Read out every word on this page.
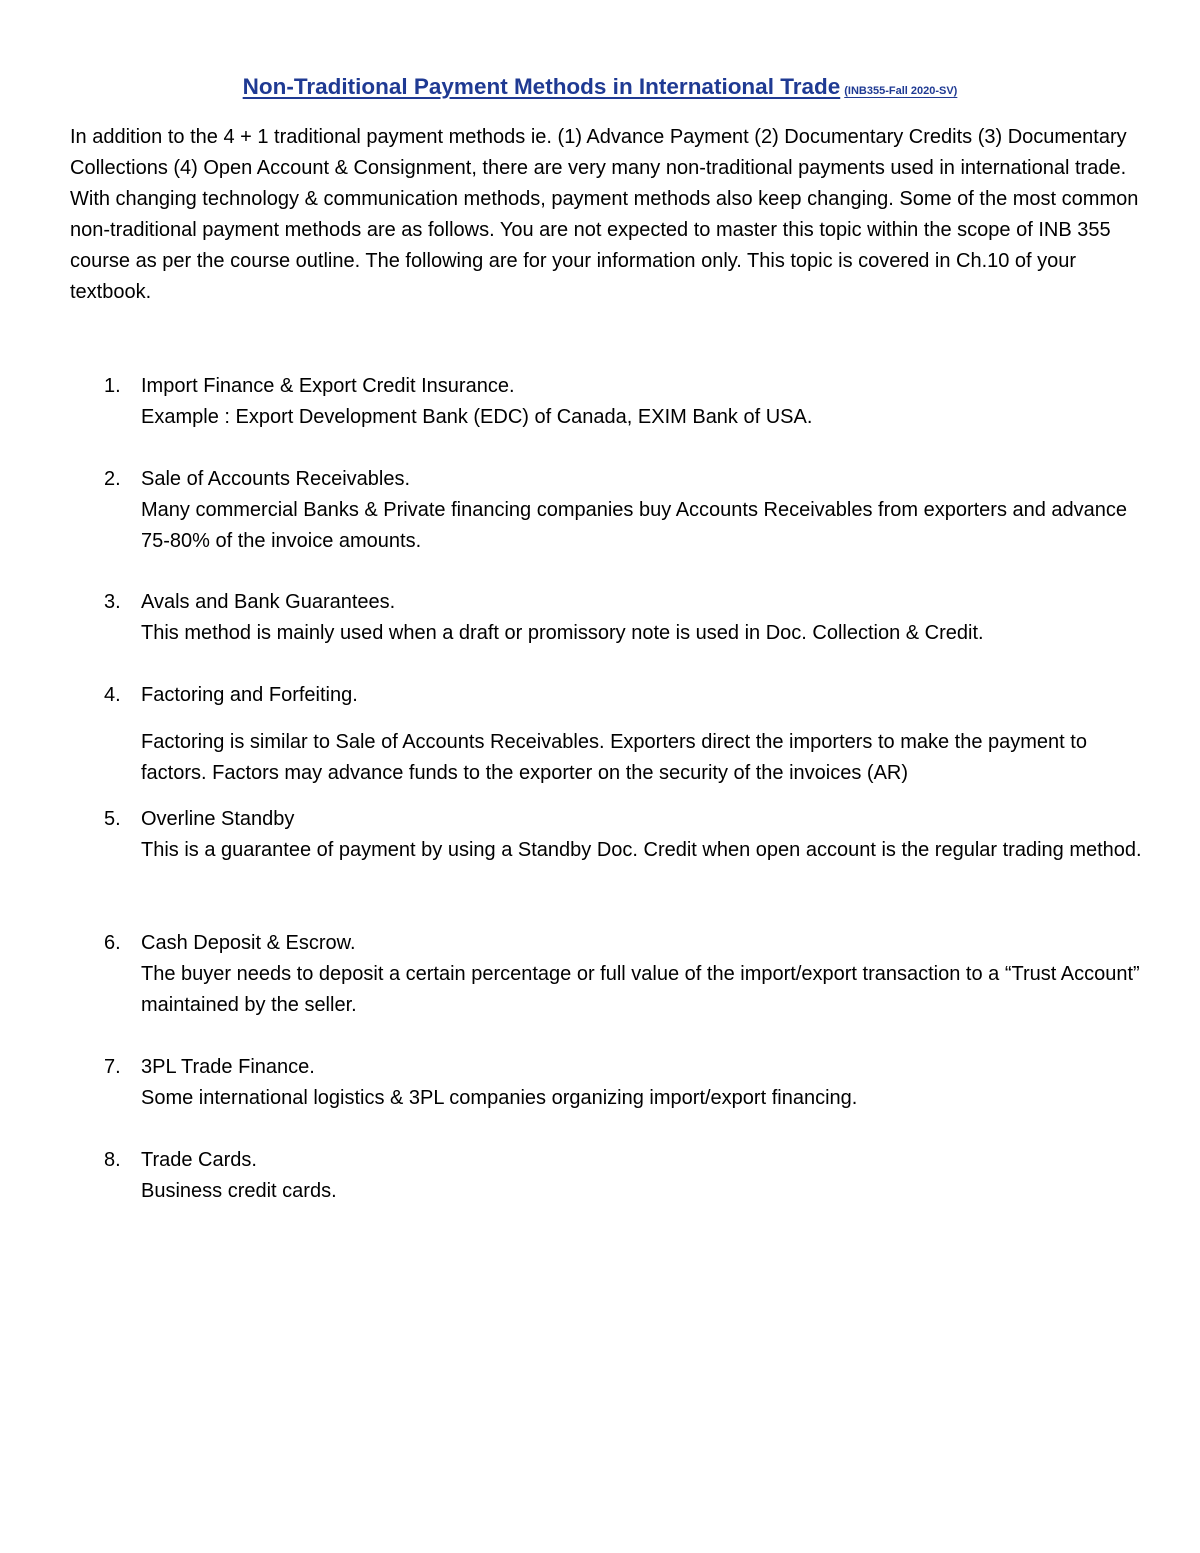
Non-Traditional Payment Methods in International Trade (INB355-Fall 2020-SV)

In addition to the 4 + 1 traditional payment methods ie. (1) Advance Payment (2) Documentary Credits (3) Documentary Collections (4) Open Account & Consignment, there are very many non-traditional payments used in international trade. With changing technology & communication methods, payment methods also keep changing. Some of the most common non-traditional payment methods are as follows. You are not expected to master this topic within the scope of INB 355 course as per the course outline. The following are for your information only. This topic is covered in Ch.10 of your textbook.

1.	Import Finance & Export Credit Insurance.
Example : Export Development Bank (EDC) of Canada, EXIM Bank of USA.
2.	Sale of Accounts Receivables.
Many commercial Banks & Private financing companies buy Accounts Receivables from exporters and advance 75-80% of the invoice amounts.
3.	Avals and Bank Guarantees.
This method is mainly used when a draft or promissory note is used in Doc. Collection & Credit.
4.	Factoring and Forfeiting.
Factoring is similar to Sale of Accounts Receivables. Exporters direct the importers to make the payment to factors. Factors may advance funds to the exporter on the security of the invoices (AR)
5.	Overline Standby
This is a guarantee of payment by using a Standby Doc. Credit when open account is the regular trading method.
6.	Cash Deposit & Escrow.
The buyer needs to deposit a certain percentage or full value of the import/export transaction to a “Trust Account” maintained by the seller.
7.	3PL Trade Finance.
Some international logistics & 3PL companies organizing import/export financing.
8.	Trade Cards.
Business credit cards.
